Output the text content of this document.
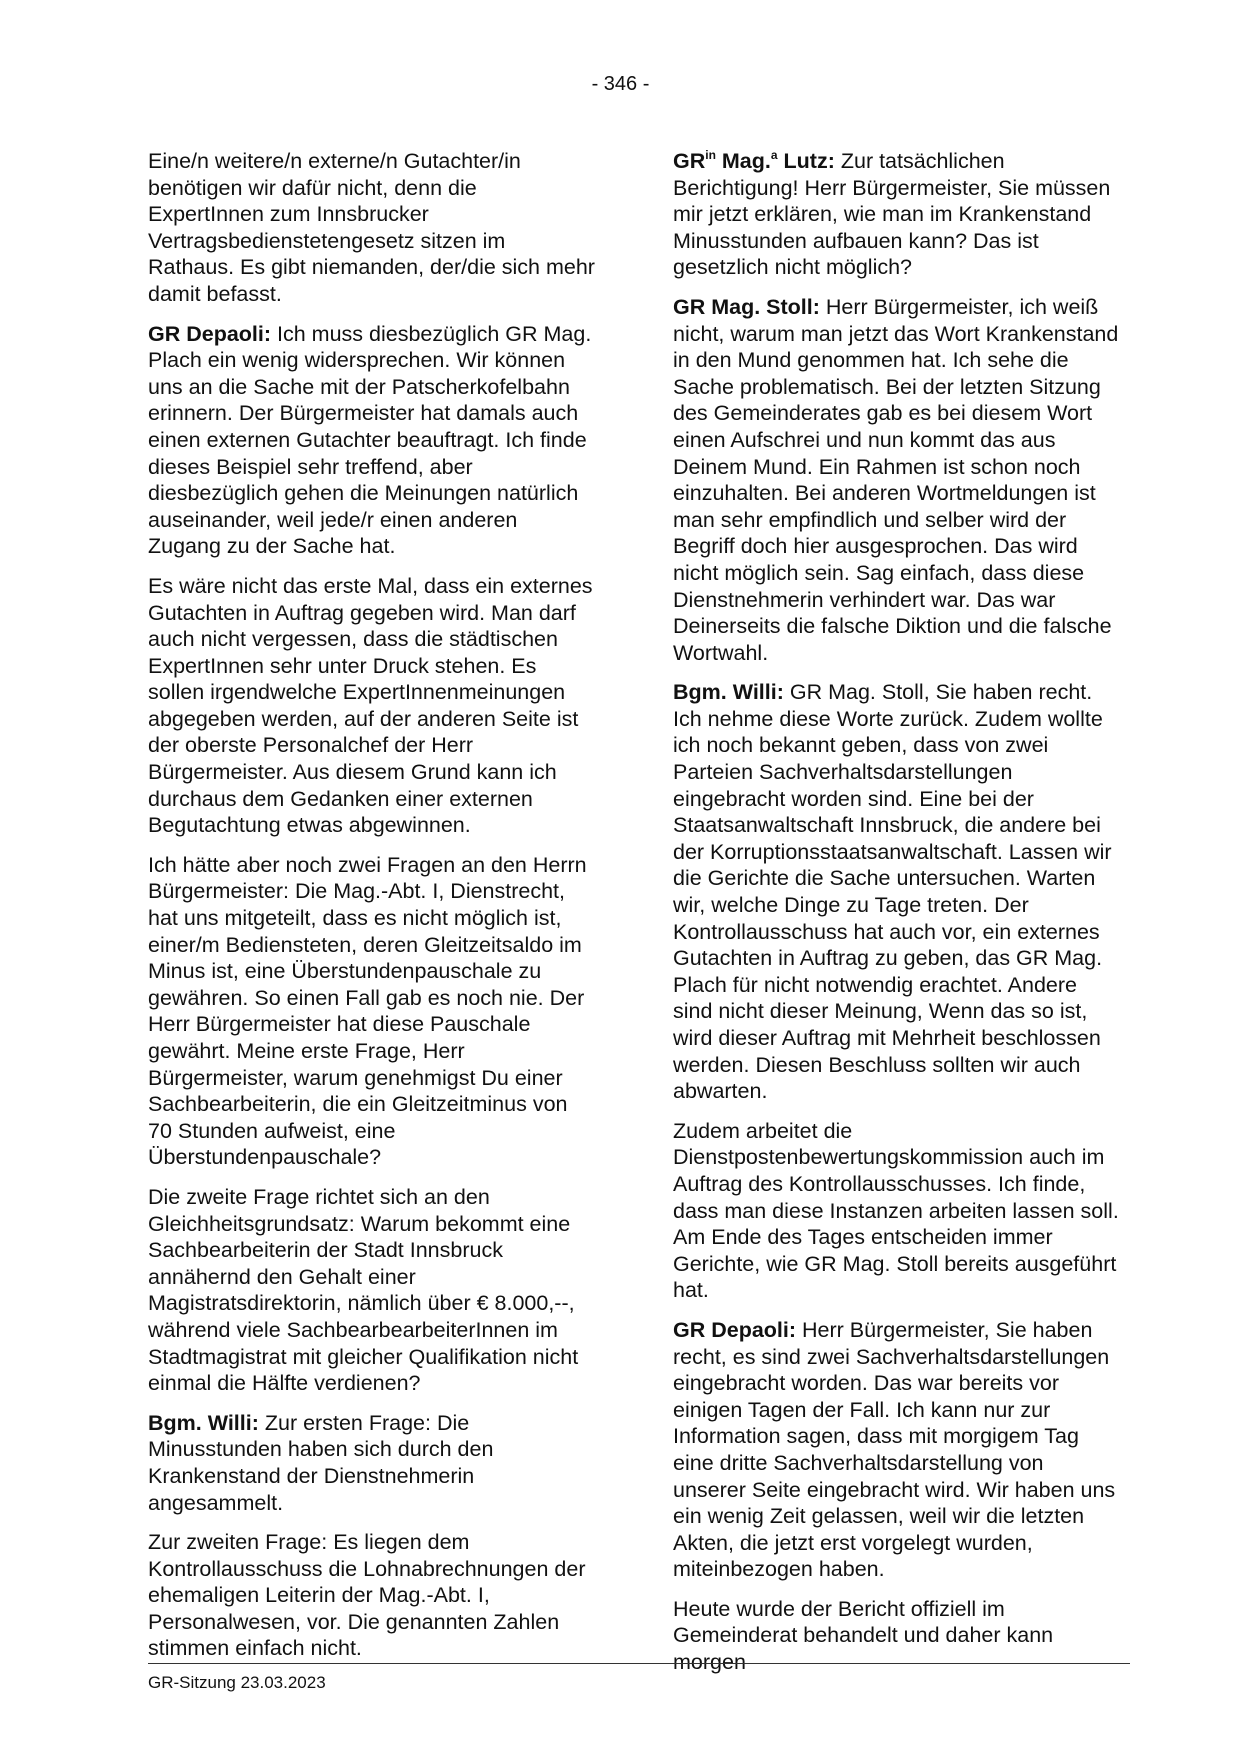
- 346 -

Eine/n weitere/n externe/n Gutachter/in benötigen wir dafür nicht, denn die ExpertInnen zum Innsbrucker Vertragsbedienstetengesetz sitzen im Rathaus. Es gibt niemanden, der/die sich mehr damit befasst.

GR Depaoli: Ich muss diesbezüglich GR Mag. Plach ein wenig widersprechen. Wir können uns an die Sache mit der Patscherkofelbahn erinnern. Der Bürgermeister hat damals auch einen externen Gutachter beauftragt. Ich finde dieses Beispiel sehr treffend, aber diesbezüglich gehen die Meinungen natürlich auseinander, weil jede/r einen anderen Zugang zu der Sache hat.

Es wäre nicht das erste Mal, dass ein externes Gutachten in Auftrag gegeben wird. Man darf auch nicht vergessen, dass die städtischen ExpertInnen sehr unter Druck stehen. Es sollen irgendwelche ExpertInnenmeinungen abgegeben werden, auf der anderen Seite ist der oberste Personalchef der Herr Bürgermeister. Aus diesem Grund kann ich durchaus dem Gedanken einer externen Begutachtung etwas abgewinnen.

Ich hätte aber noch zwei Fragen an den Herrn Bürgermeister: Die Mag.-Abt. I, Dienstrecht, hat uns mitgeteilt, dass es nicht möglich ist, einer/m Bediensteten, deren Gleitzeitsaldo im Minus ist, eine Überstundenpauschale zu gewähren. So einen Fall gab es noch nie. Der Herr Bürgermeister hat diese Pauschale gewährt. Meine erste Frage, Herr Bürgermeister, warum genehmigst Du einer Sachbearbeiterin, die ein Gleitzeitminus von 70 Stunden aufweist, eine Überstundenpauschale?

Die zweite Frage richtet sich an den Gleichheitsgrundsatz: Warum bekommt eine Sachbearbeiterin der Stadt Innsbruck annähernd den Gehalt einer Magistratsdirektorin, nämlich über € 8.000,--, während viele SachbearbearbeiterInnen im Stadtmagistrat mit gleicher Qualifikation nicht einmal die Hälfte verdienen?

Bgm. Willi: Zur ersten Frage: Die Minusstunden haben sich durch den Krankenstand der Dienstnehmerin angesammelt.

Zur zweiten Frage: Es liegen dem Kontrollausschuss die Lohnabrechnungen der ehemaligen Leiterin der Mag.-Abt. I, Personalwesen, vor. Die genannten Zahlen stimmen einfach nicht.

$GR^{in}$ Mag.$^a$ Lutz: Zur tatsächlichen Berichtigung! Herr Bürgermeister, Sie müssen mir jetzt erklären, wie man im Krankenstand Minusstunden aufbauen kann? Das ist gesetzlich nicht möglich?

GR Mag. Stoll: Herr Bürgermeister, ich weiß nicht, warum man jetzt das Wort Krankenstand in den Mund genommen hat. Ich sehe die Sache problematisch. Bei der letzten Sitzung des Gemeinderates gab es bei diesem Wort einen Aufschrei und nun kommt das aus Deinem Mund. Ein Rahmen ist schon noch einzuhalten. Bei anderen Wortmeldungen ist man sehr empfindlich und selber wird der Begriff doch hier ausgesprochen. Das wird nicht möglich sein. Sag einfach, dass diese Dienstnehmerin verhindert war. Das war Deinerseits die falsche Diktion und die falsche Wortwahl.

Bgm. Willi: GR Mag. Stoll, Sie haben recht. Ich nehme diese Worte zurück. Zudem wollte ich noch bekannt geben, dass von zwei Parteien Sachverhaltsdarstellungen eingebracht worden sind. Eine bei der Staatsanwaltschaft Innsbruck, die andere bei der Korruptionsstaatsanwaltschaft. Lassen wir die Gerichte die Sache untersuchen. Warten wir, welche Dinge zu Tage treten. Der Kontrollausschuss hat auch vor, ein externes Gutachten in Auftrag zu geben, das GR Mag. Plach für nicht notwendig erachtet. Andere sind nicht dieser Meinung, Wenn das so ist, wird dieser Auftrag mit Mehrheit beschlossen werden. Diesen Beschluss sollten wir auch abwarten.

Zudem arbeitet die Dienstpostenbewertungskommission auch im Auftrag des Kontrollausschusses. Ich finde, dass man diese Instanzen arbeiten lassen soll. Am Ende des Tages entscheiden immer Gerichte, wie GR Mag. Stoll bereits ausgeführt hat.

GR Depaoli: Herr Bürgermeister, Sie haben recht, es sind zwei Sachverhaltsdarstellungen eingebracht worden. Das war bereits vor einigen Tagen der Fall. Ich kann nur zur Information sagen, dass mit morgigem Tag eine dritte Sachverhaltsdarstellung von unserer Seite eingebracht wird. Wir haben uns ein wenig Zeit gelassen, weil wir die letzten Akten, die jetzt erst vorgelegt wurden, miteinbezogen haben.

Heute wurde der Bericht offiziell im Gemeinderat behandelt und daher kann morgen

GR-Sitzung 23.03.2023
